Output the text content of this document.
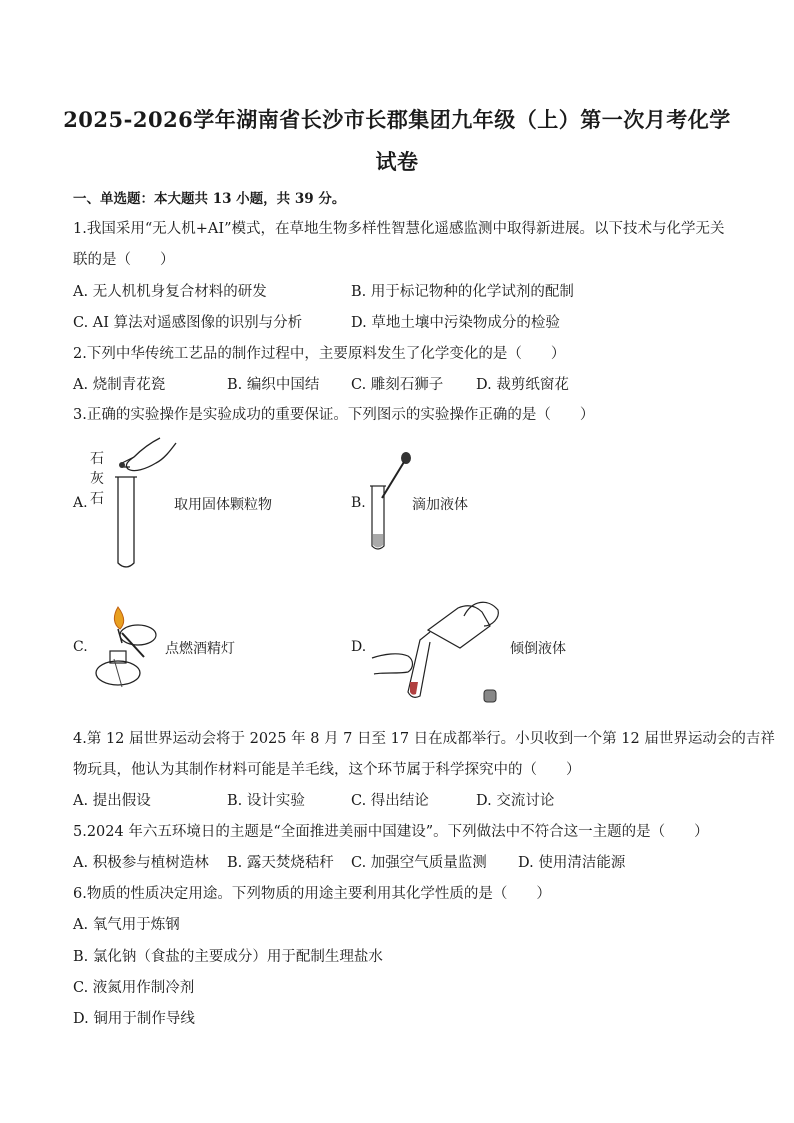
2025-2026学年湖南省长沙市长郡集团九年级（上）第一次月考化学
试卷
一、单选题：本大题共 13 小题，共 39 分。
1.我国采用“无人机+AI”模式，在草地生物多样性智慧化遥感监测中取得新进展。以下技术与化学无关
联的是（　　）
A. 无人机机身复合材料的研发	B. 用于标记物种的化学试剂的配制
C. AI 算法对遥感图像的识别与分析	D. 草地土壤中污染物成分的检验
2.下列中华传统工艺品的制作过程中，主要原料发生了化学变化的是（　　）
A. 烧制青花瓷	B. 编织中国结 C. 雕刻石狮子 D. 裁剪纸窗花
3.正确的实验操作是实验成功的重要保证。下列图示的实验操作正确的是（　　）
A.
石
灰
石	取用固体颗粒物	B.	滴加液体
C.	点燃酒精灯	D.	倾倒液体
4.第 12 届世界运动会将于 2025 年 8 月 7 日至 17 日在成都举行。小贝收到一个第 12 届世界运动会的吉祥
物玩具，他认为其制作材料可能是羊毛线，这个环节属于科学探究中的（　　）
A. 提出假设	B. 设计实验	C. 得出结论	D. 交流讨论
5.2024 年六五环境日的主题是“全面推进美丽中国建设”。下列做法中不符合这一主题的是（　　）
A. 积极参与植树造林 B. 露天焚烧秸秆 C. 加强空气质量监测 D. 使用清洁能源
6.物质的性质决定用途。下列物质的用途主要利用其化学性质的是（　　）
A. 氧气用于炼钢
B. 氯化钠（食盐的主要成分）用于配制生理盐水
C. 液氮用作制冷剂
D. 铜用于制作导线
